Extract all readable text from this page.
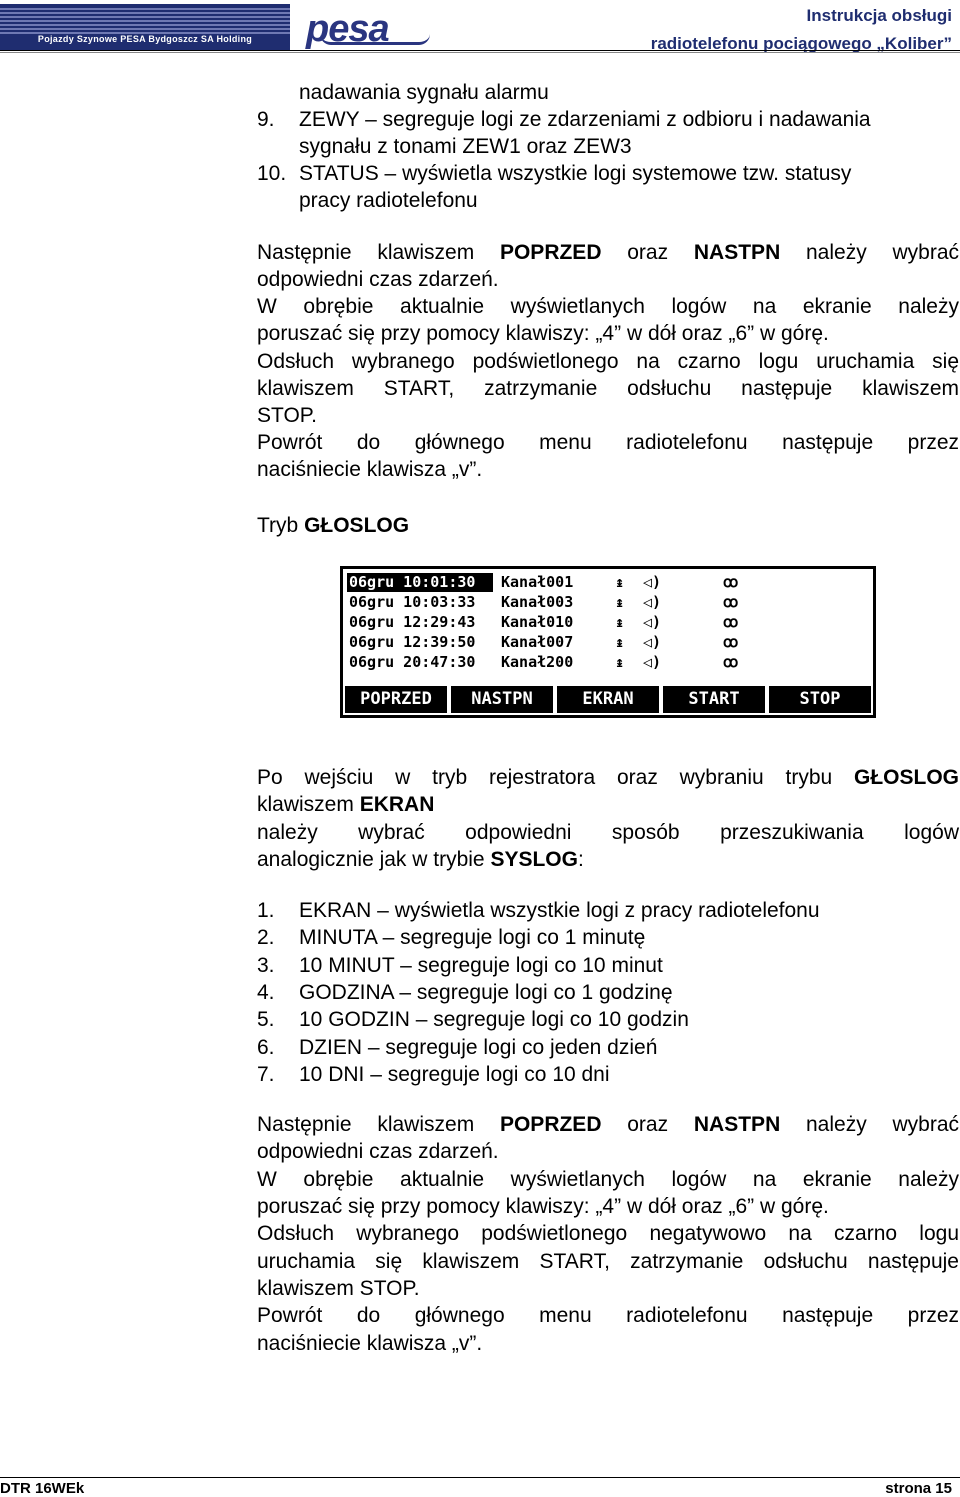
Pojazdy Szynowe PESA Bydgoszcz SA Holding	pesa	Instrukcja obsługi
radiotelefonu pociągowego „Koliber”
nadawania sygnału alarmu
9. ZEWY – segreguje logi ze zdarzeniami z odbioru i nadawania
sygnału z tonami ZEW1 oraz ZEW3
10. STATUS – wyświetla wszystkie logi systemowe tzw. statusy
pracy radiotelefonu
Następnie klawiszem POPRZED oraz NASTPN należy wybrać
odpowiedni czas zdarzeń.
W obrębie aktualnie wyświetlanych logów na ekranie należy
poruszać się przy pomocy klawiszy: „4” w dół oraz „6” w górę.
Odsłuch wybranego podświetlonego na czarno logu uruchamia się
klawiszem START, zatrzymanie odsłuchu następuje klawiszem
STOP.
Powrót do głównego menu radiotelefonu następuje przez
naciśniecie klawisza „v”.
Tryb GŁOSLOG
06gru 10:01:30	Kanał001	↨ ◁)	ꝏ
06gru 10:03:33	Kanał003	↨ ◁)	ꝏ
06gru 12:29:43	Kanał010	↨ ◁)	ꝏ
06gru 12:39:50	Kanał007	↨ ◁)	ꝏ
06gru 20:47:30	Kanał200	↨ ◁)	ꝏ
POPRZED	NASTPN	EKRAN	START	STOP
Po wejściu w tryb rejestratora oraz wybraniu trybu GŁOSLOG
klawiszem EKRAN
należy wybrać odpowiedni sposób przeszukiwania logów
analogicznie jak w trybie SYSLOG:
1. EKRAN – wyświetla wszystkie logi z pracy radiotelefonu
2. MINUTA – segreguje logi co 1 minutę
3. 10 MINUT – segreguje logi co 10 minut
4. GODZINA – segreguje logi co 1 godzinę
5. 10 GODZIN – segreguje logi co 10 godzin
6. DZIEN – segreguje logi co jeden dzień
7. 10 DNI – segreguje logi co 10 dni
Następnie klawiszem POPRZED oraz NASTPN należy wybrać
odpowiedni czas zdarzeń.
W obrębie aktualnie wyświetlanych logów na ekranie należy
poruszać się przy pomocy klawiszy: „4” w dół oraz „6” w górę.
Odsłuch wybranego podświetlonego negatywowo na czarno logu
uruchamia się klawiszem START, zatrzymanie odsłuchu następuje
klawiszem STOP.
Powrót do głównego menu radiotelefonu następuje przez
naciśniecie klawisza „v”.
DTR 16WEk	strona 15
